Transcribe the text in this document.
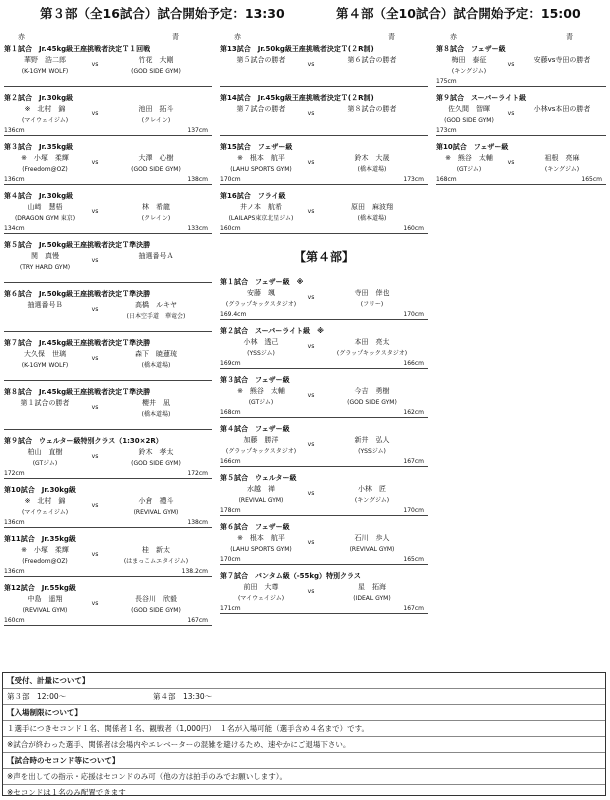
第３部（全16試合）試合開始予定：13:30	第４部（全10試合）試合開始予定：15:00
赤	青
第１試合　Jr.45kg級王座挑戦者決定Ｔ１回戦
華野　浩二郎
(K-1GYM WOLF)
vs
竹花　大剛
(GOD SIDE GYM)
第２試合　Jr.30kg級
※　北村　錦
(マイウェイジム)
vs
池田　拓斗
(クレイン)
136cm	137cm
第３試合　Jr.35kg級
※　小塚　柔輝
(Freedom@OZ)
vs
大澤　心樹
(GOD SIDE GYM)
136cm	138cm
第４試合　Jr.30kg級
山﨑　慧梧
(DRAGON GYM 東京)
vs
林　希龍
(クレイン)
134cm	133cm
第５試合　Jr.50kg級王座挑戦者決定Ｔ準決勝
関　真慢
(TRY HARD GYM)
vs
抽選番号Ａ
第６試合　Jr.50kg級王座挑戦者決定Ｔ準決勝
抽選番号Ｂ
vs
高橋　ルキヤ
(日本空手道　華竜会)
第７試合　Jr.45kg級王座挑戦者決定Ｔ準決勝
大久保　世璃
(K-1GYM WOLF)
vs
森下　暁蓮琉
(橋本道場)
第８試合　Jr.45kg級王座挑戦者決定Ｔ準決勝
第１試合の勝者
vs
櫻井　凪
(橋本道場)
第９試合　ウェルター級特別クラス（1:30×2R）
柏山　直樹
(GTジム)
vs
鈴木　孝太
(GOD SIDE GYM)
172cm	172cm
第10試合　Jr.30kg級
※　北村　錦
(マイウェイジム)
vs
小倉　禮斗
(REVIVAL GYM)
136cm	138cm
第11試合　Jr.35kg級
※　小塚　柔輝
(Freedom@OZ)
vs
桂　新太
(はまっこムエタイジム)
136cm	138.2cm
第12試合　Jr.55kg級
中島　遥翔
(REVIVAL GYM)
vs
長谷川　欣毅
(GOD SIDE GYM)
160cm	167cm
赤	青
第13試合　Jr.50kg級王座挑戦者決定Ｔ(２R制)
第５試合の勝者
vs
第６試合の勝者
第14試合　Jr.45kg級王座挑戦者決定Ｔ(２R制)
第７試合の勝者
vs
第８試合の勝者
第15試合　フェザー級
※　根本　航平
(LAHU SPORTS GYM)
vs
鈴木　大晟
(橋本道場)
170cm	173cm
第16試合　フライ級
井ノ本　航希
(LAILAPS東京北星ジム)
vs
原田　麻波翔
(橋本道場)
160cm	160cm
【第４部】
第１試合　フェザー級　※
安藤　颯
(グラップキックスタジオ)
vs
寺田　倖也
(フリー)
169.4cm	170cm
第２試合　スーパーライト級　※
小林　透己
(YSSジム)
vs
本田　亮太
(グラップキックスタジオ)
169cm	166cm
第３試合　フェザー級
※　熊谷　太輔
(GTジム)
vs
今吉　勇樹
(GOD SIDE GYM)
168cm	162cm
第４試合　フェザー級
加藤　勝洋
(グラップキックスタジオ)
vs
新井　弘人
(YSSジム)
166cm	167cm
第５試合　ウェルター級
水越　禅
(REVIVAL GYM)
vs
小林　匠
(キングジム)
178cm	170cm
第６試合　フェザー級
※　根本　航平
(LAHU SPORTS GYM)
vs
石川　歩人
(REVIVAL GYM)
170cm	165cm
第７試合　バンタム級（-55kg）特別クラス
前田　大尊
(マイウェイジム)
vs
星　拓海
(IDEAL GYM)
171cm	167cm
赤	青
第８試合　フェザー級
梅田　泰征
(キングジム)
vs
安藤vs寺田の勝者
175cm
第９試合　スーパーライト級
佐久間　智暉
(GOD SIDE GYM)
vs
小林vs本田の勝者
173cm
第10試合　フェザー級
※　熊谷　太輔
(GTジム)
vs
祖根　亮麻
(キングジム)
168cm	165cm
【受付、計量について】
第３部　12:00～	第４部　13:30～
【入場制限について】
１選手につきセコンド１名、関係者１名、観戦者（1,000円）　１名が入場可能（選手含め４名まで）です。
※試合が終わった選手、関係者は会場内やエレベーターの混雑を避けるため、速やかにご退場下さい。
【試合時のセコンド等について】
※声を出しての指示・応援はセコンドのみ可（他の方は拍手のみでお願いします）。
※セコンドは１名のみ配置できます
